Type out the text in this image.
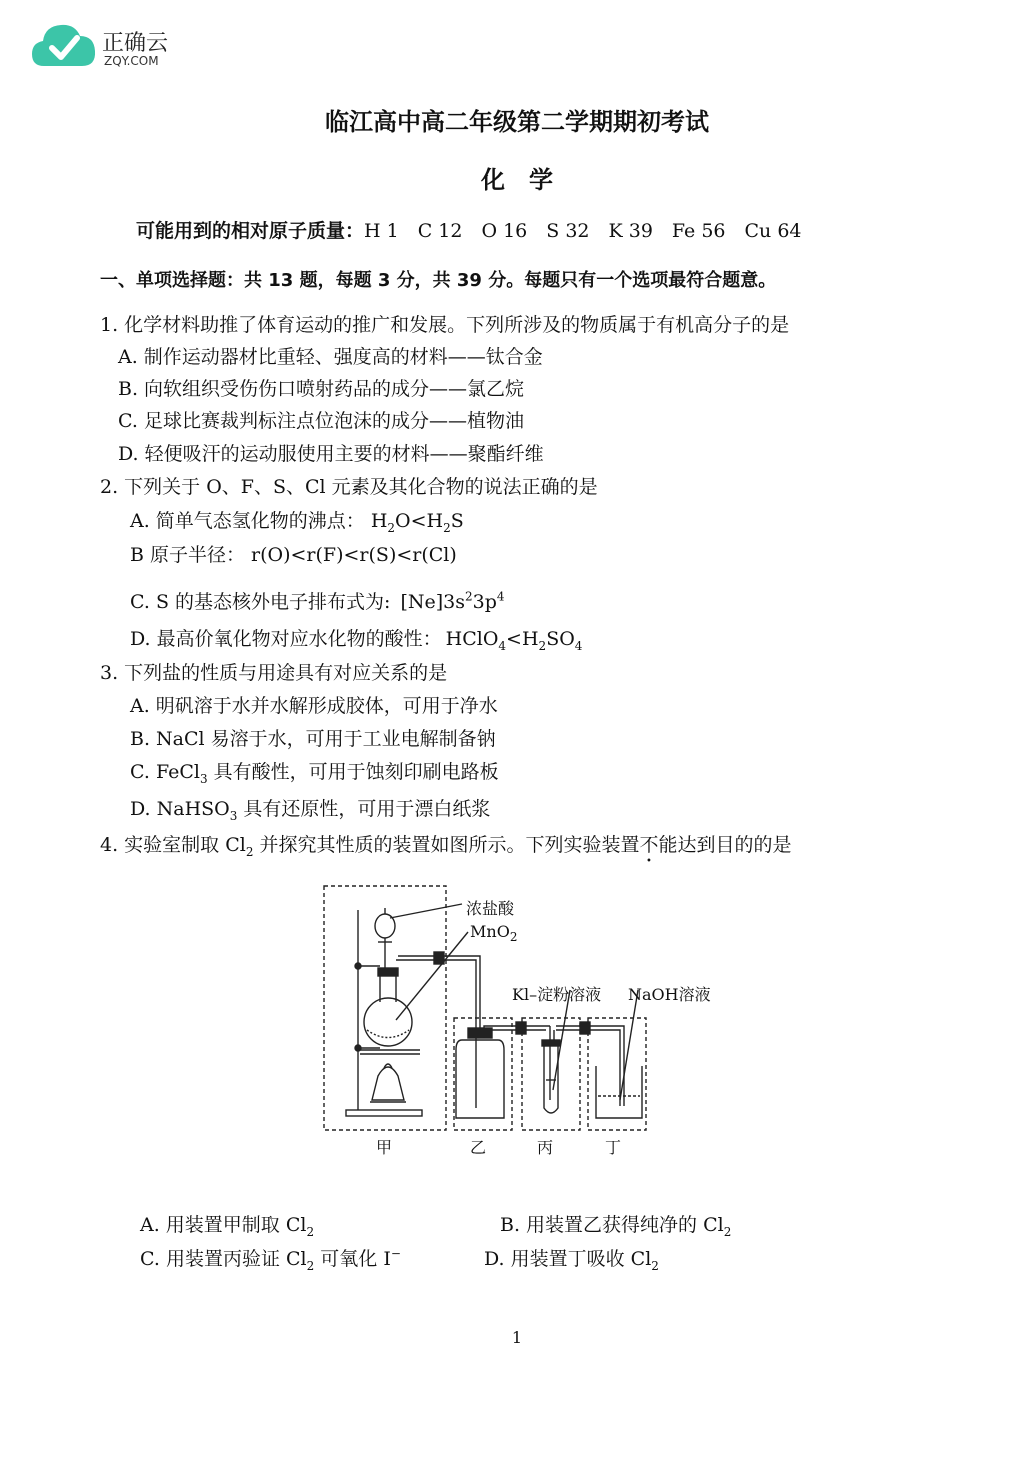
正确云
ZQY.COM
临江高中高二年级第二学期期初考试
化　学
可能用到的相对原子质量：H 1　C 12　O 16　S 32　K 39　Fe 56　Cu 64
一、单项选择题：共 13 题，每题 3 分，共 39 分。每题只有一个选项最符合题意。
1. 化学材料助推了体育运动的推广和发展。下列所涉及的物质属于有机高分子的是
A. 制作运动器材比重轻、强度高的材料——钛合金
B. 向软组织受伤伤口喷射药品的成分——氯乙烷
C. 足球比赛裁判标注点位泡沫的成分——植物油
D. 轻便吸汗的运动服使用主要的材料——聚酯纤维
2. 下列关于 O、F、S、Cl 元素及其化合物的说法正确的是
A. 简单气态氢化物的沸点： $H_2O<H_2S$
B 原子半径： r(O)<r(F)<r(S)<r(Cl)
C. S 的基态核外电子排布式为: $[Ne]3s^23p^4$
D. 最高价氧化物对应水化物的酸性： $HClO_4<H_2SO_4$
3. 下列盐的性质与用途具有对应关系的是
A. 明矾溶于水并水解形成胶体，可用于净水
B. NaCl 易溶于水，可用于工业电解制备钠
C. FeCl$_3$ 具有酸性，可用于蚀刻印刷电路板
D. NaHSO$_3$ 具有还原性，可用于漂白纸浆
4. 实验室制取 $Cl_2$ 并探究其性质的装置如图所示。下列实验装置不能达到目的的是
浓盐酸
MnO$_2$
Kl–淀粉溶液 NaOH溶液
甲	乙	丙	丁
A. 用装置甲制取 $Cl_2$	B. 用装置乙获得纯净的 $Cl_2$
C. 用装置丙验证 $Cl_2$ 可氧化 I−	D. 用装置丁吸收 $Cl_2$
1
